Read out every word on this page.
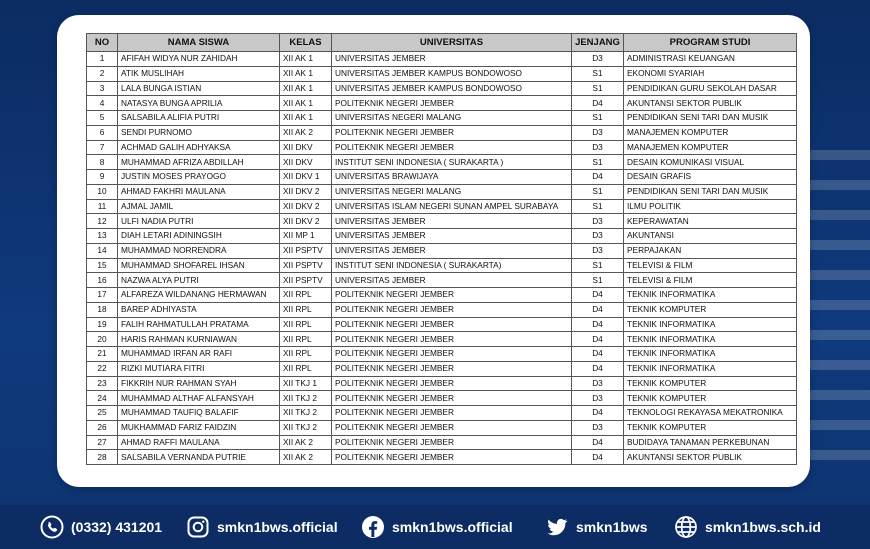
NO	NAMA SISWA	KELAS	UNIVERSITAS	JENJANG	PROGRAM STUDI
1	AFIFAH WIDYA NUR ZAHIDAH	XII AK 1	UNIVERSITAS JEMBER	D3	ADMINISTRASI KEUANGAN
2	ATIK MUSLIHAH	XII AK 1	UNIVERSITAS JEMBER KAMPUS BONDOWOSO	S1	EKONOMI SYARIAH
3	LALA BUNGA ISTIAN	XII AK 1	UNIVERSITAS JEMBER KAMPUS BONDOWOSO	S1	PENDIDIKAN GURU SEKOLAH DASAR
4	NATASYA BUNGA APRILIA	XII AK 1	POLITEKNIK NEGERI JEMBER	D4	AKUNTANSI SEKTOR PUBLIK
5	SALSABILA ALIFIA PUTRI	XII AK 1	UNIVERSITAS NEGERI MALANG	S1	PENDIDIKAN SENI TARI DAN MUSIK
6	SENDI PURNOMO	XII AK 2	POLITEKNIK NEGERI JEMBER	D3	MANAJEMEN KOMPUTER
7	ACHMAD GALIH ADHYAKSA	XII DKV	POLITEKNIK NEGERI JEMBER	D3	MANAJEMEN KOMPUTER
8	MUHAMMAD AFRIZA ABDILLAH	XII DKV	INSTITUT SENI INDONESIA ( SURAKARTA )	S1	DESAIN KOMUNIKASI VISUAL
9	JUSTIN MOSES PRAYOGO	XII DKV 1	UNIVERSITAS BRAWIJAYA	D4	DESAIN GRAFIS
10	AHMAD FAKHRI MAULANA	XII DKV 2	UNIVERSITAS NEGERI MALANG	S1	PENDIDIKAN SENI TARI DAN MUSIK
11	AJMAL JAMIL	XII DKV 2	UNIVERSITAS ISLAM NEGERI SUNAN AMPEL SURABAYA	S1	ILMU POLITIK
12	ULFI NADIA PUTRI	XII DKV 2	UNIVERSITAS JEMBER	D3	KEPERAWATAN
13	DIAH LETARI ADININGSIH	XII MP 1	UNIVERSITAS JEMBER	D3	AKUNTANSI
14	MUHAMMAD NORRENDRA	XII PSPTV	UNIVERSITAS JEMBER	D3	PERPAJAKAN
15	MUHAMMAD SHOFAREL IHSAN	XII PSPTV	INSTITUT SENI INDONESIA ( SURAKARTA)	S1	TELEVISI & FILM
16	NAZWA ALYA PUTRI	XII PSPTV	UNIVERSITAS JEMBER	S1	TELEVISI & FILM
17	ALFAREZA WILDANANG HERMAWAN	XII RPL	POLITEKNIK NEGERI JEMBER	D4	TEKNIK INFORMATIKA
18	BAREP ADHIYASTA	XII RPL	POLITEKNIK NEGERI JEMBER	D4	TEKNIK KOMPUTER
19	FALIH RAHMATULLAH PRATAMA	XII RPL	POLITEKNIK NEGERI JEMBER	D4	TEKNIK INFORMATIKA
20	HARIS RAHMAN KURNIAWAN	XII RPL	POLITEKNIK NEGERI JEMBER	D4	TEKNIK INFORMATIKA
21	MUHAMMAD IRFAN AR RAFI	XII RPL	POLITEKNIK NEGERI JEMBER	D4	TEKNIK INFORMATIKA
22	RIZKI MUTIARA FITRI	XII RPL	POLITEKNIK NEGERI JEMBER	D4	TEKNIK INFORMATIKA
23	FIKKRIH NUR RAHMAN SYAH	XII TKJ 1	POLITEKNIK NEGERI JEMBER	D3	TEKNIK KOMPUTER
24	MUHAMMAD ALTHAF ALFANSYAH	XII TKJ 2	POLITEKNIK NEGERI JEMBER	D3	TEKNIK KOMPUTER
25	MUHAMMAD TAUFIQ BALAFIF	XII TKJ 2	POLITEKNIK NEGERI JEMBER	D4	TEKNOLOGI REKAYASA MEKATRONIKA
26	MUKHAMMAD FARIZ FAIDZIN	XII TKJ 2	POLITEKNIK NEGERI JEMBER	D3	TEKNIK KOMPUTER
27	AHMAD RAFFI MAULANA	XII AK 2	POLITEKNIK NEGERI JEMBER	D4	BUDIDAYA TANAMAN PERKEBUNAN
28	SALSABILA VERNANDA PUTRIE	XII AK 2	POLITEKNIK NEGERI JEMBER	D4	AKUNTANSI SEKTOR PUBLIK
(0332) 431201	smkn1bws.official	smkn1bws.official	smkn1bws	smkn1bws.sch.id
